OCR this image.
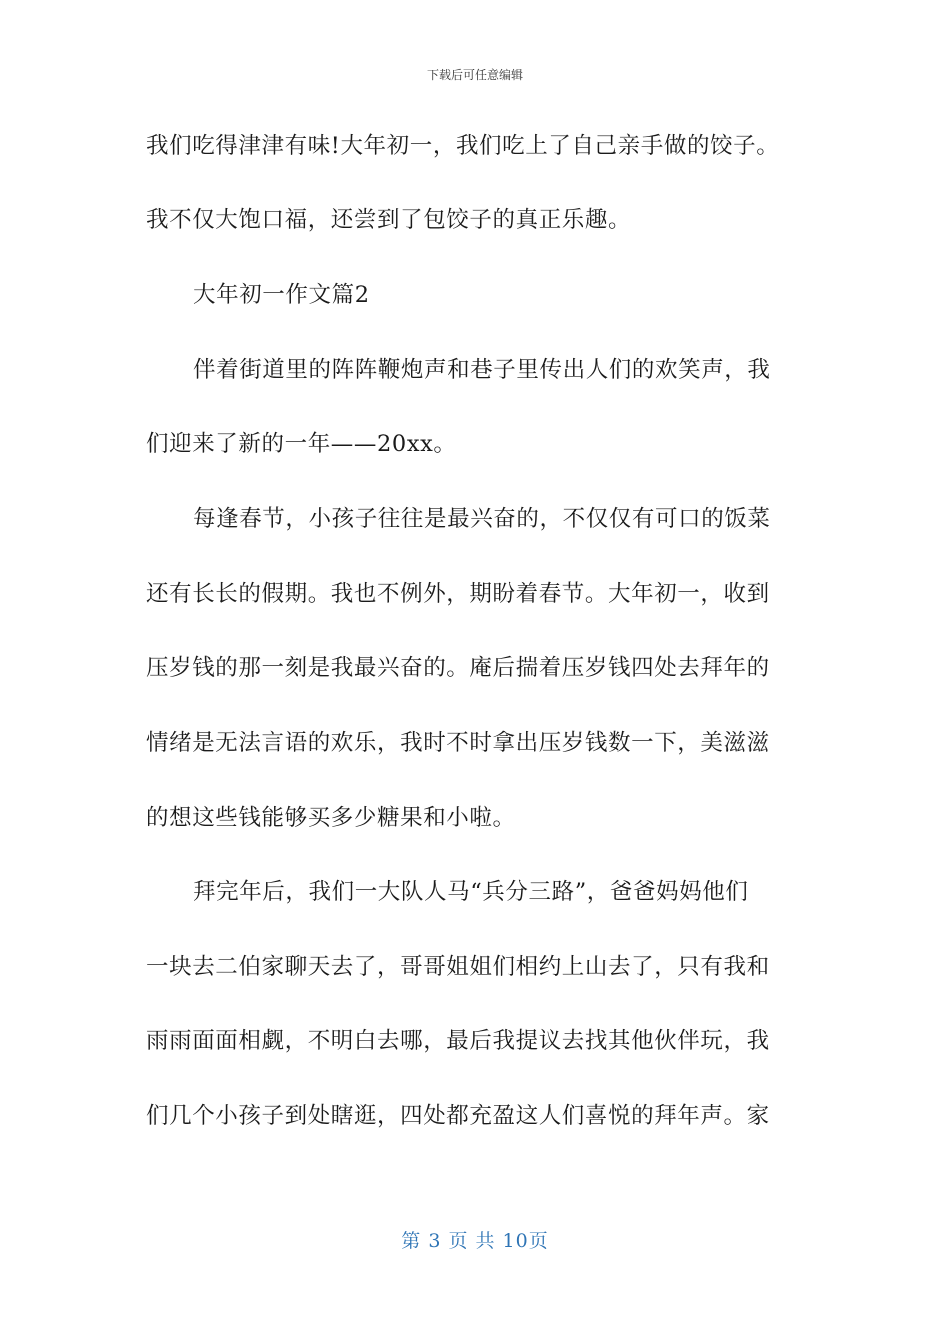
下载后可任意编辑
我们吃得津津有味!大年初一，我们吃上了自己亲手做的饺子。
我不仅大饱口福，还尝到了包饺子的真正乐趣。
大年初一作文篇2
伴着街道里的阵阵鞭炮声和巷子里传出人们的欢笑声，我
们迎来了新的一年——20xx。
每逢春节，小孩子往往是最兴奋的，不仅仅有可口的饭菜
还有长长的假期。我也不例外，期盼着春节。大年初一，收到
压岁钱的那一刻是我最兴奋的。庵后揣着压岁钱四处去拜年的
情绪是无法言语的欢乐，我时不时拿出压岁钱数一下，美滋滋
的想这些钱能够买多少糖果和小啦。
拜完年后，我们一大队人马“兵分三路”，爸爸妈妈他们
一块去二伯家聊天去了，哥哥姐姐们相约上山去了，只有我和
雨雨面面相觑，不明白去哪，最后我提议去找其他伙伴玩，我
们几个小孩子到处瞎逛，四处都充盈这人们喜悦的拜年声。家
第 3 页 共 10页
